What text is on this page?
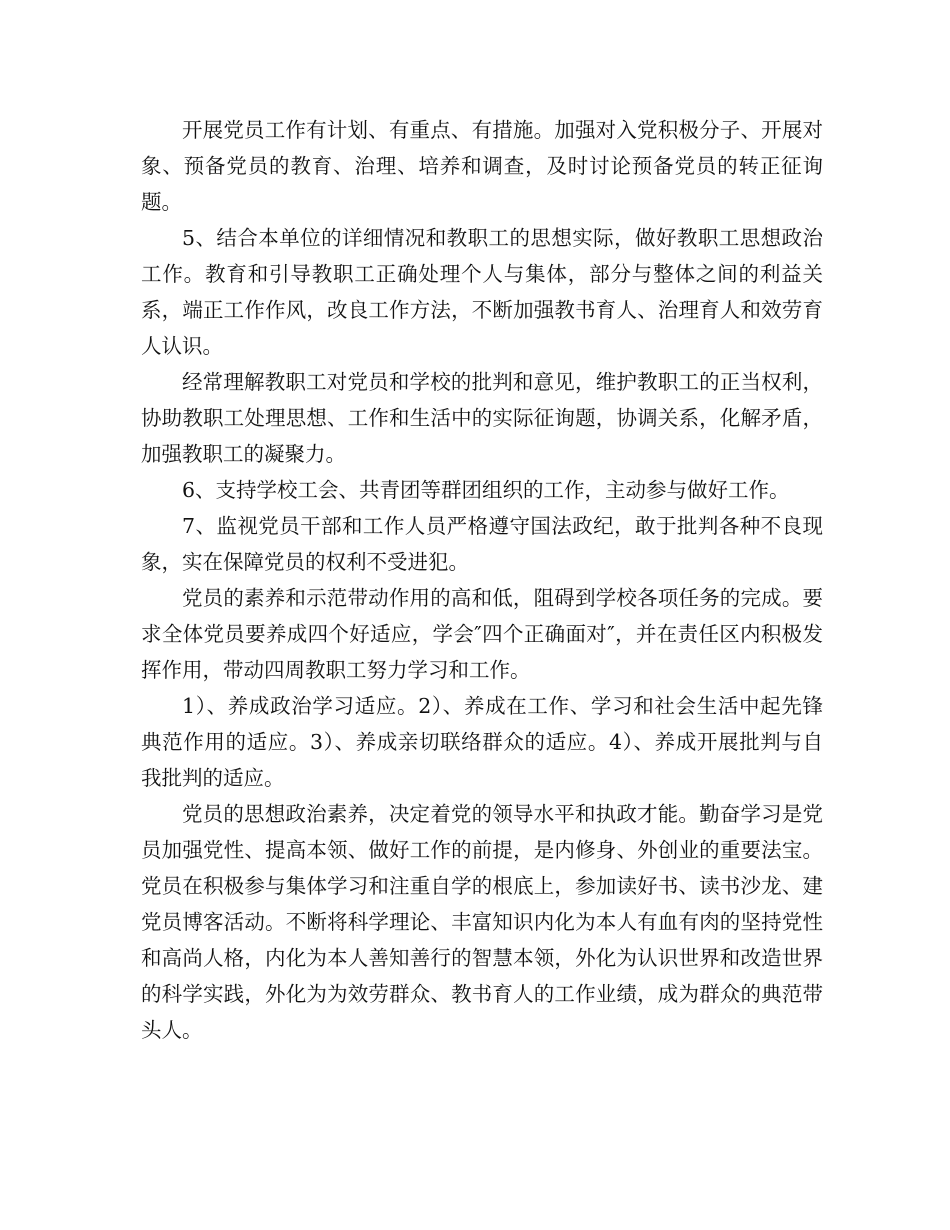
开展党员工作有计划、有重点、有措施。加强对入党积极分子、开展对象、预备党员的教育、治理、培养和调查，及时讨论预备党员的转正征询题。

5、结合本单位的详细情况和教职工的思想实际，做好教职工思想政治工作。教育和引导教职工正确处理个人与集体，部分与整体之间的利益关系，端正工作作风，改良工作方法，不断加强教书育人、治理育人和效劳育人认识。

经常理解教职工对党员和学校的批判和意见，维护教职工的正当权利，协助教职工处理思想、工作和生活中的实际征询题，协调关系，化解矛盾，加强教职工的凝聚力。

6、支持学校工会、共青团等群团组织的工作，主动参与做好工作。

7、监视党员干部和工作人员严格遵守国法政纪，敢于批判各种不良现象，实在保障党员的权利不受进犯。

党员的素养和示范带动作用的高和低，阻碍到学校各项任务的完成。要求全体党员要养成四个好适应，学会″四个正确面对″，并在责任区内积极发挥作用，带动四周教职工努力学习和工作。

1）、养成政治学习适应。2）、养成在工作、学习和社会生活中起先锋典范作用的适应。3）、养成亲切联络群众的适应。4）、养成开展批判与自我批判的适应。

党员的思想政治素养，决定着党的领导水平和执政才能。勤奋学习是党员加强党性、提高本领、做好工作的前提，是内修身、外创业的重要法宝。党员在积极参与集体学习和注重自学的根底上，参加读好书、读书沙龙、建党员博客活动。不断将科学理论、丰富知识内化为本人有血有肉的坚持党性和高尚人格，内化为本人善知善行的智慧本领，外化为认识世界和改造世界的科学实践，外化为为效劳群众、教书育人的工作业绩，成为群众的典范带头人。
